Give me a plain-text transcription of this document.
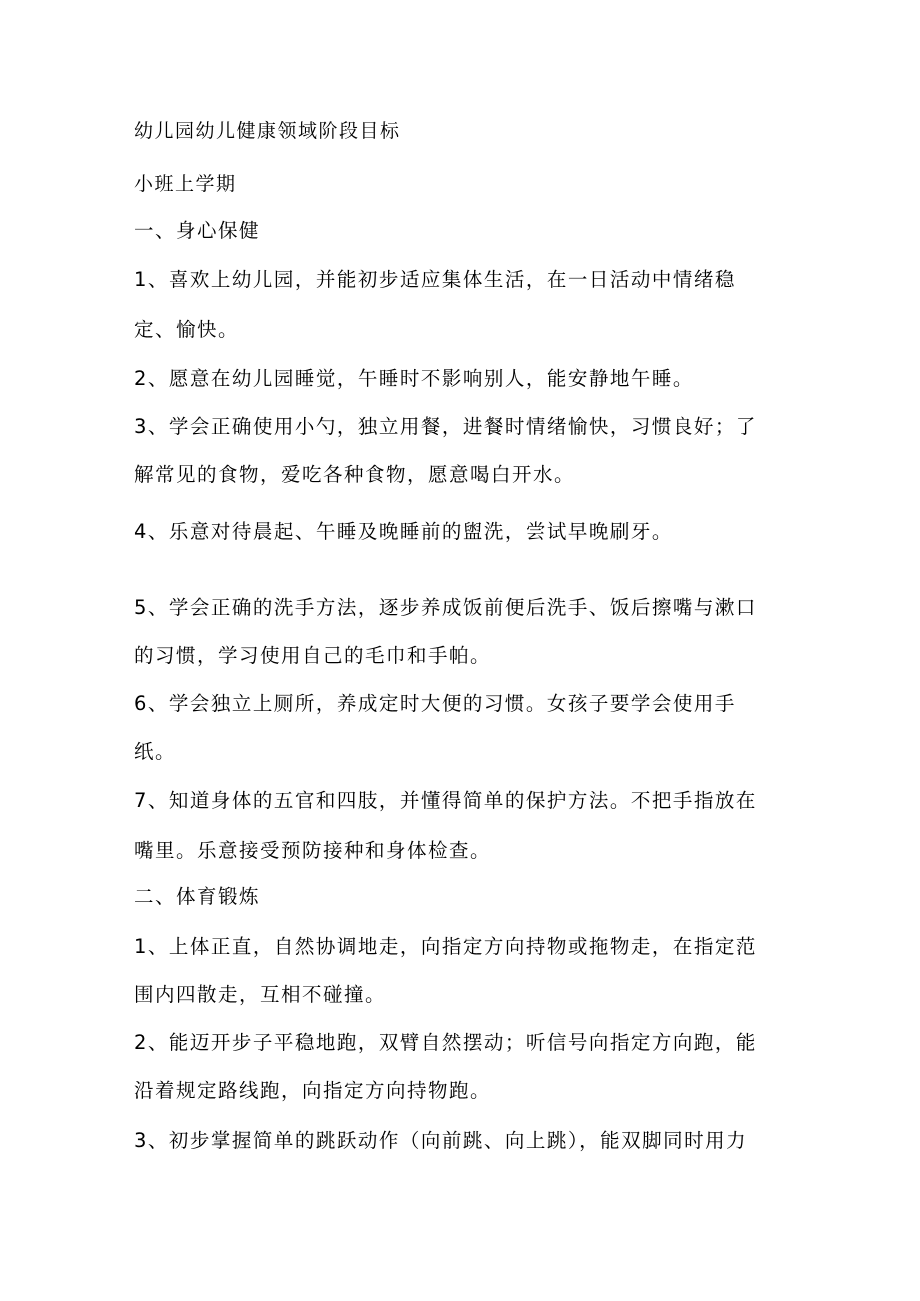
幼儿园幼儿健康领域阶段目标
小班上学期
一、身心保健
1、喜欢上幼儿园，并能初步适应集体生活，在一日活动中情绪稳
定、愉快。
2、愿意在幼儿园睡觉，午睡时不影响别人，能安静地午睡。
3、学会正确使用小勺，独立用餐，进餐时情绪愉快，习惯良好；了
解常见的食物，爱吃各种食物，愿意喝白开水。
4、乐意对待晨起、午睡及晚睡前的盥洗，尝试早晚刷牙。
5、学会正确的洗手方法，逐步养成饭前便后洗手、饭后擦嘴与漱口
的习惯，学习使用自己的毛巾和手帕。
6、学会独立上厕所，养成定时大便的习惯。女孩子要学会使用手
纸。
7、知道身体的五官和四肢，并懂得简单的保护方法。不把手指放在
嘴里。乐意接受预防接种和身体检查。
二、体育锻炼
1、上体正直，自然协调地走，向指定方向持物或拖物走，在指定范
围内四散走，互相不碰撞。
2、能迈开步子平稳地跑，双臂自然摆动；听信号向指定方向跑，能
沿着规定路线跑，向指定方向持物跑。
3、初步掌握简单的跳跃动作（向前跳、向上跳），能双脚同时用力
